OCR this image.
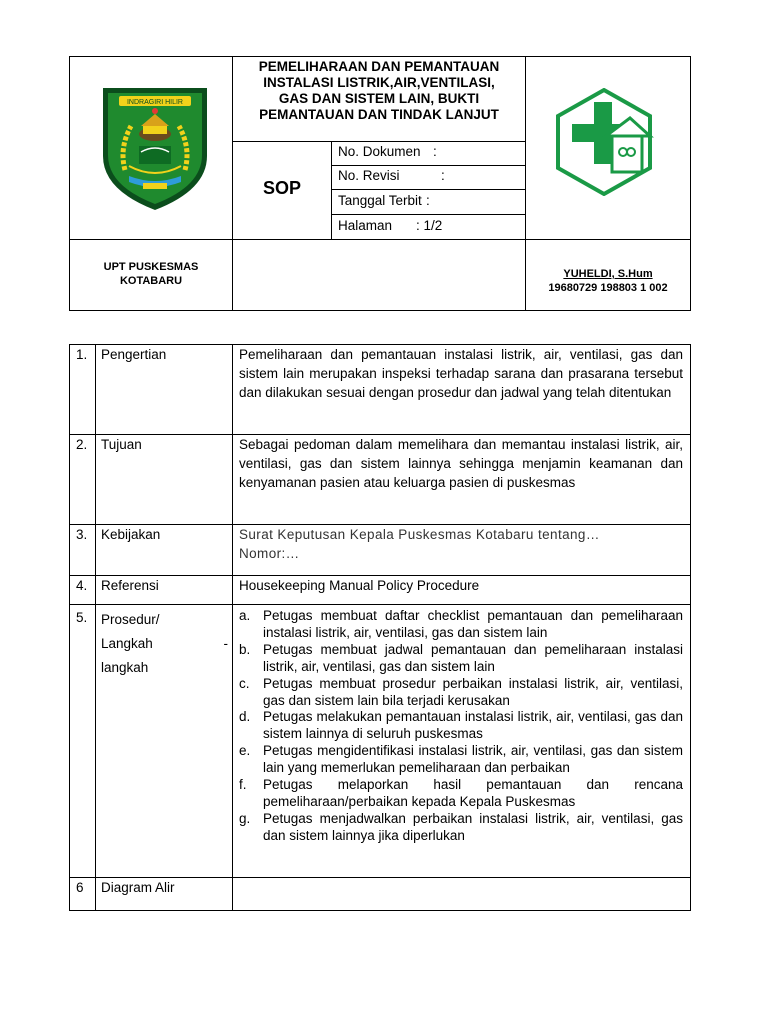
INDRAGIRI HILIR
PEMELIHARAAN DAN PEMANTAUAN
INSTALASI LISTRIK,AIR,VENTILASI,
GAS DAN SISTEM LAIN, BUKTI
PEMANTAUAN DAN TINDAK LANJUT
SOP
No. Dokumen :
No. Revisi	:
Tanggal Terbit :
Halaman : 1/2
UPT PUSKESMAS
KOTABARU
YUHELDI, S.Hum
19680729 198803 1 002
1. Pengertian	Pemeliharaan dan pemantauan instalasi listrik, air, ventilasi, gas dan sistem lain merupakan inspeksi terhadap sarana dan prasarana tersebut dan dilakukan sesuai dengan prosedur dan jadwal yang telah ditentukan
2. Tujuan	Sebagai pedoman dalam memelihara dan memantau instalasi listrik, air, ventilasi, gas dan sistem lainnya sehingga menjamin keamanan dan kenyamanan pasien atau keluarga pasien di puskesmas
3. Kebijakan	Surat Keputusan Kepala Puskesmas Kotabaru tentang…
Nomor:…
4. Referensi	Housekeeping Manual Policy Procedure
5. Prosedur/
Langkah	-
langkah
a. Petugas membuat daftar checklist pemantauan dan pemeliharaan instalasi listrik, air, ventilasi, gas dan sistem lain
b. Petugas membuat jadwal pemantauan dan pemeliharaan instalasi listrik, air, ventilasi, gas dan sistem lain
c. Petugas membuat prosedur perbaikan instalasi listrik, air, ventilasi, gas dan sistem lain bila terjadi kerusakan
d. Petugas melakukan pemantauan instalasi listrik, air, ventilasi, gas dan sistem lainnya di seluruh puskesmas
e. Petugas mengidentifikasi instalasi listrik, air, ventilasi, gas dan sistem lain yang memerlukan pemeliharaan dan perbaikan
f.	Petugas melaporkan hasil pemantauan dan rencana pemeliharaan/perbaikan kepada Kepala Puskesmas
g. Petugas menjadwalkan perbaikan instalasi listrik, air, ventilasi, gas dan sistem lainnya jika diperlukan
6 Diagram Alir
